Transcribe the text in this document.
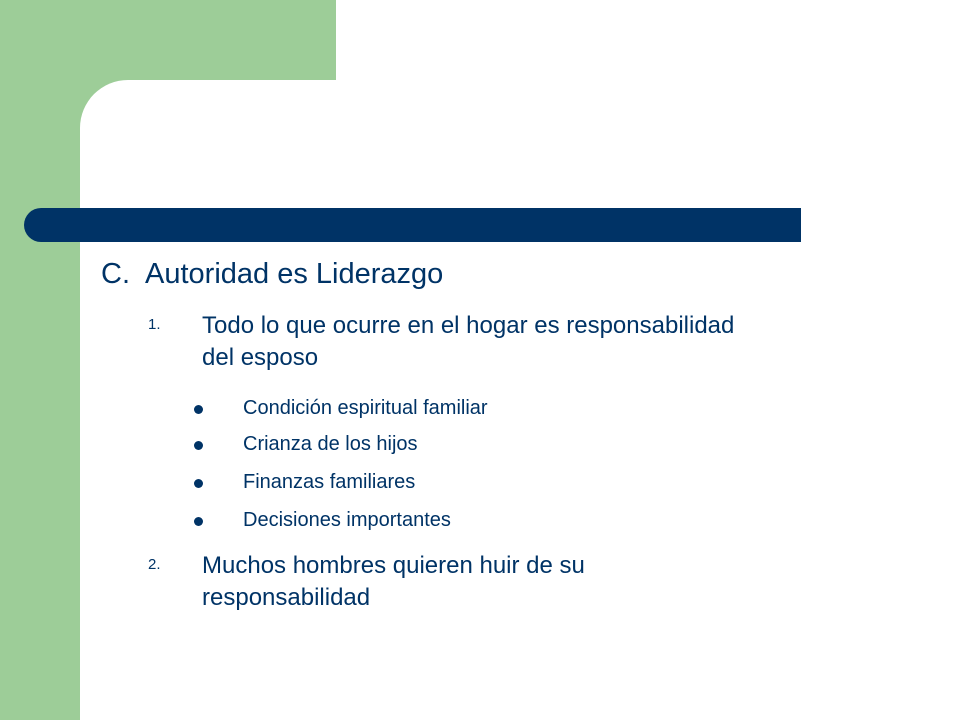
C. Autoridad es Liderazgo
1. Todo lo que ocurre en el hogar es responsabilidad del esposo
Condición espiritual familiar
Crianza de los hijos
Finanzas familiares
Decisiones importantes
2. Muchos hombres quieren huir de su responsabilidad
